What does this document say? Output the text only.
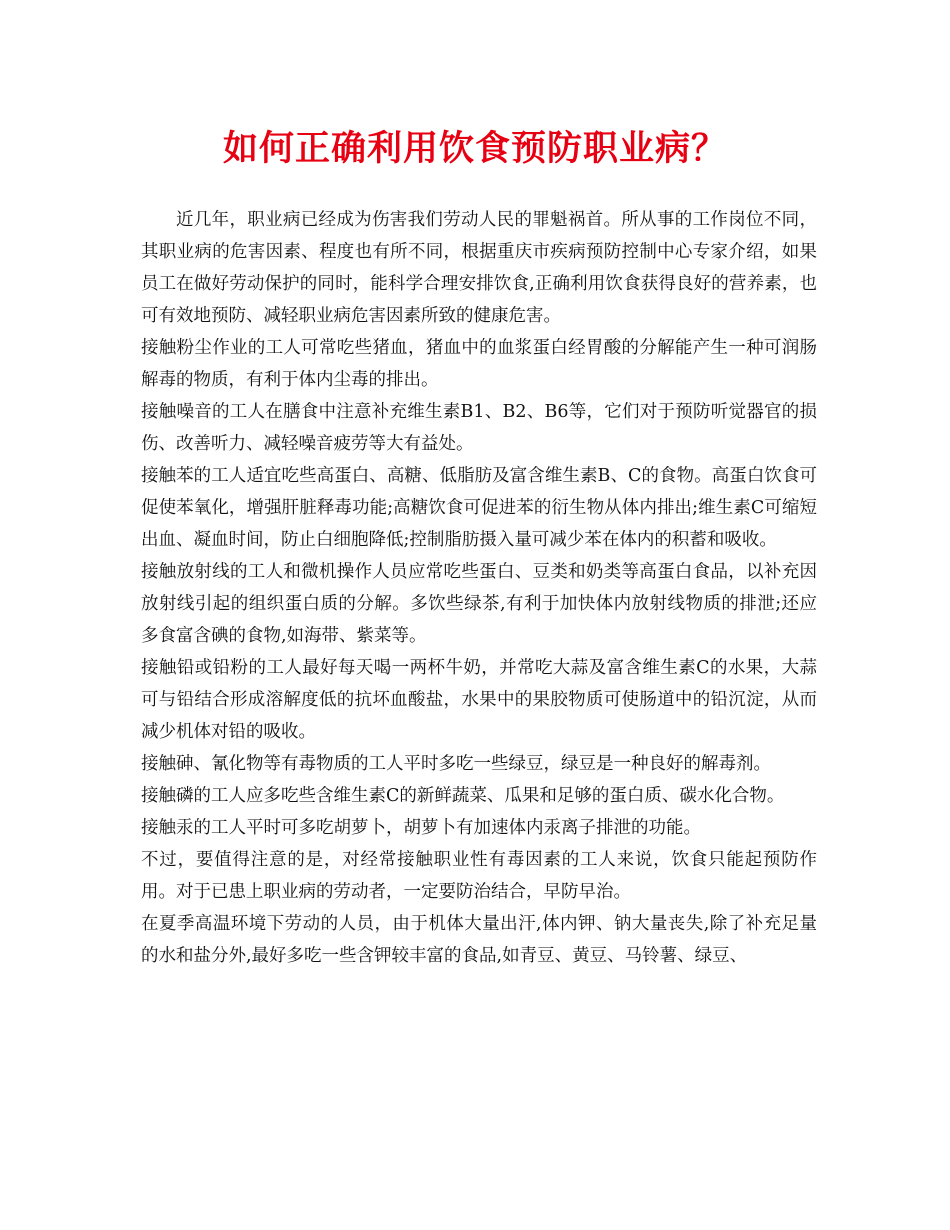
如何正确利用饮食预防职业病？

近几年，职业病已经成为伤害我们劳动人民的罪魁祸首。所从事的工作岗位不同，其职业病的危害因素、程度也有所不同，根据重庆市疾病预防控制中心专家介绍，如果员工在做好劳动保护的同时，能科学合理安排饮食,正确利用饮食获得良好的营养素，也可有效地预防、减轻职业病危害因素所致的健康危害。

接触粉尘作业的工人可常吃些猪血，猪血中的血浆蛋白经胃酸的分解能产生一种可润肠解毒的物质，有利于体内尘毒的排出。

接触噪音的工人在膳食中注意补充维生素B1、B2、B6等，它们对于预防听觉器官的损伤、改善听力、减轻噪音疲劳等大有益处。

接触苯的工人适宜吃些高蛋白、高糖、低脂肪及富含维生素B、C的食物。高蛋白饮食可促使苯氧化，增强肝脏释毒功能;高糖饮食可促进苯的衍生物从体内排出;维生素C可缩短出血、凝血时间，防止白细胞降低;控制脂肪摄入量可减少苯在体内的积蓄和吸收。

接触放射线的工人和微机操作人员应常吃些蛋白、豆类和奶类等高蛋白食品，以补充因放射线引起的组织蛋白质的分解。多饮些绿茶,有利于加快体内放射线物质的排泄;还应多食富含碘的食物,如海带、紫菜等。

接触铅或铅粉的工人最好每天喝一两杯牛奶，并常吃大蒜及富含维生素C的水果，大蒜可与铅结合形成溶解度低的抗坏血酸盐，水果中的果胶物质可使肠道中的铅沉淀，从而减少机体对铅的吸收。

接触砷、氰化物等有毒物质的工人平时多吃一些绿豆，绿豆是一种良好的解毒剂。

接触磷的工人应多吃些含维生素C的新鲜蔬菜、瓜果和足够的蛋白质、碳水化合物。

接触汞的工人平时可多吃胡萝卜，胡萝卜有加速体内汞离子排泄的功能。

不过，要值得注意的是，对经常接触职业性有毒因素的工人来说，饮食只能起预防作用。对于已患上职业病的劳动者，一定要防治结合，早防早治。

在夏季高温环境下劳动的人员，由于机体大量出汗,体内钾、钠大量丧失,除了补充足量的水和盐分外,最好多吃一些含钾较丰富的食品,如青豆、黄豆、马铃薯、绿豆、
